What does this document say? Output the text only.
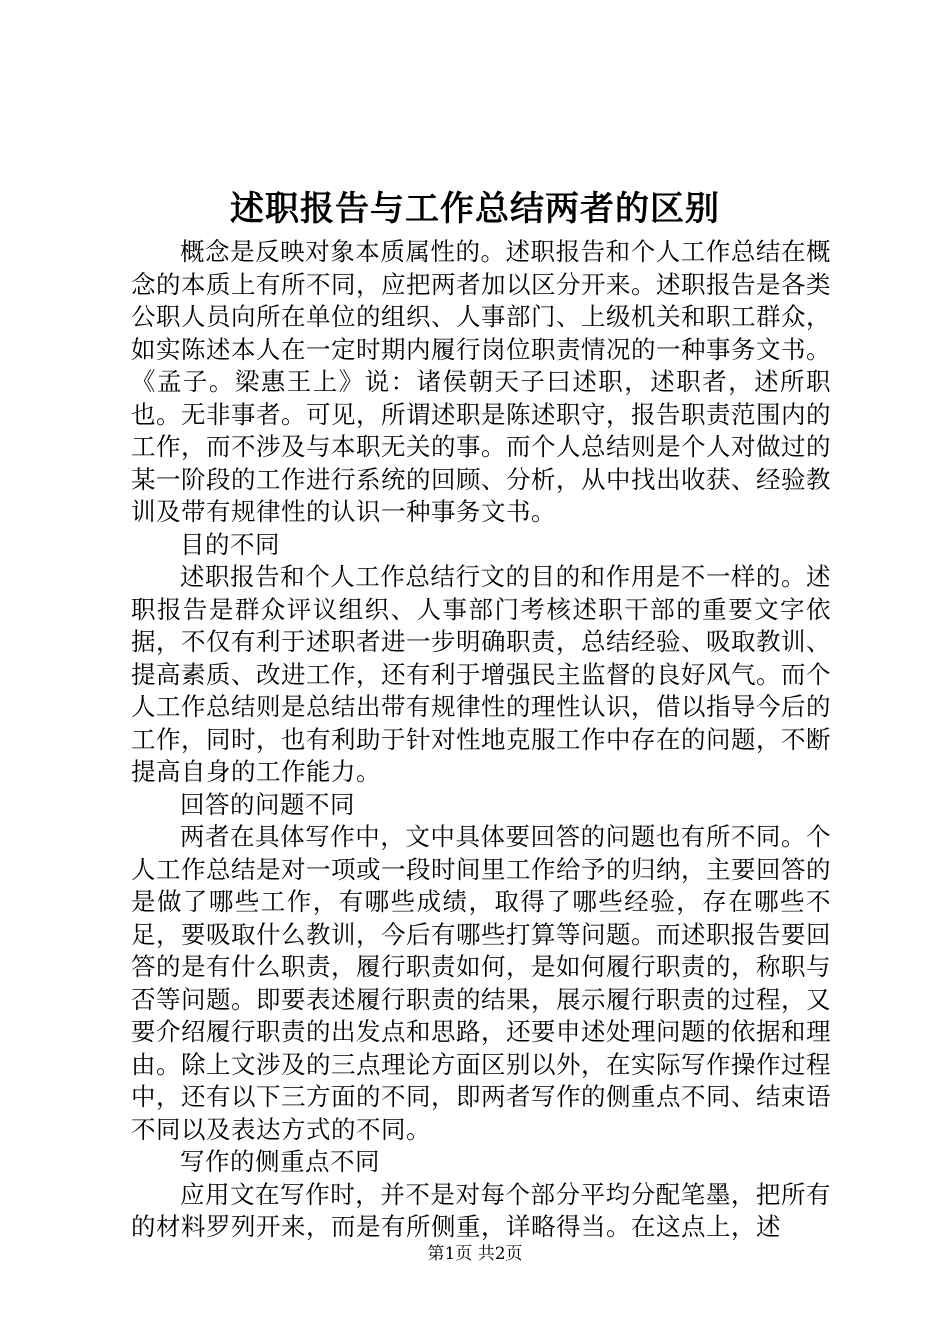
述职报告与工作总结两者的区别

概念是反映对象本质属性的。述职报告和个人工作总结在概念的本质上有所不同，应把两者加以区分开来。述职报告是各类公职人员向所在单位的组织、人事部门、上级机关和职工群众，如实陈述本人在一定时期内履行岗位职责情况的一种事务文书。《孟子。梁惠王上》说：诸侯朝天子曰述职，述职者，述所职也。无非事者。可见，所谓述职是陈述职守，报告职责范围内的工作，而不涉及与本职无关的事。而个人总结则是个人对做过的某一阶段的工作进行系统的回顾、分析，从中找出收获、经验教训及带有规律性的认识一种事务文书。

目的不同

述职报告和个人工作总结行文的目的和作用是不一样的。述职报告是群众评议组织、人事部门考核述职干部的重要文字依据，不仅有利于述职者进一步明确职责，总结经验、吸取教训、提高素质、改进工作，还有利于增强民主监督的良好风气。而个人工作总结则是总结出带有规律性的理性认识，借以指导今后的工作，同时，也有利助于针对性地克服工作中存在的问题，不断提高自身的工作能力。

回答的问题不同

两者在具体写作中，文中具体要回答的问题也有所不同。个人工作总结是对一项或一段时间里工作给予的归纳，主要回答的是做了哪些工作，有哪些成绩，取得了哪些经验，存在哪些不足，要吸取什么教训，今后有哪些打算等问题。而述职报告要回答的是有什么职责，履行职责如何，是如何履行职责的，称职与否等问题。即要表述履行职责的结果，展示履行职责的过程，又要介绍履行职责的出发点和思路，还要申述处理问题的依据和理由。除上文涉及的三点理论方面区别以外，在实际写作操作过程中，还有以下三方面的不同，即两者写作的侧重点不同、结束语不同以及表达方式的不同。

写作的侧重点不同

应用文在写作时，并不是对每个部分平均分配笔墨，把所有的材料罗列开来，而是有所侧重，详略得当。在这点上，述

第1页 共2页
